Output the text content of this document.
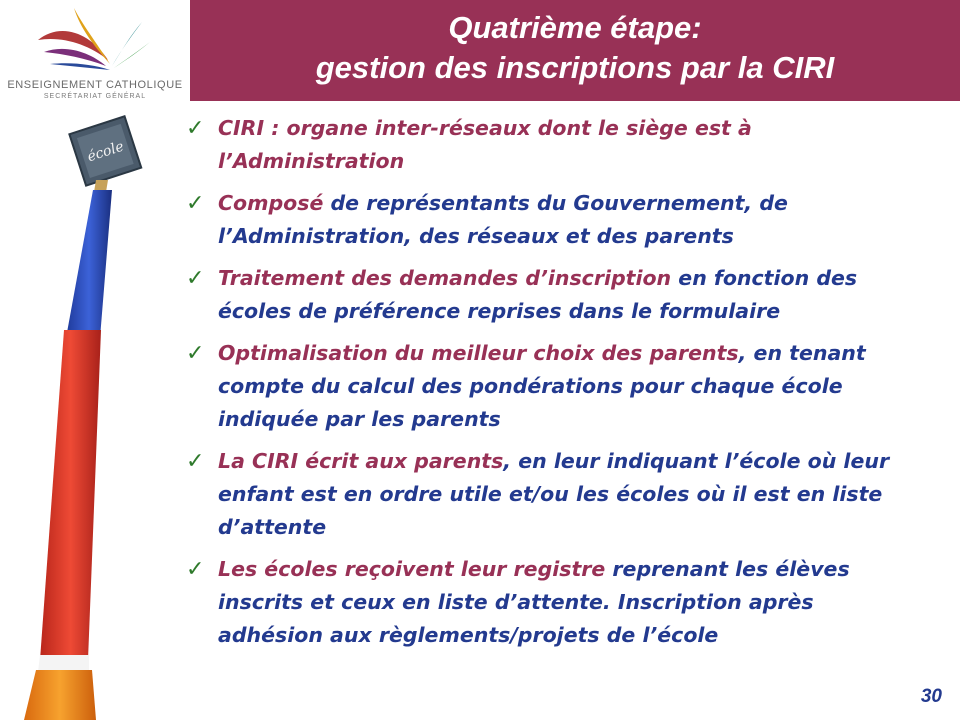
ENSEIGNEMENT CATHOLIQUE
SECRÉTARIAT GÉNÉRAL
Quatrième étape:
gestion des inscriptions par la CIRI
école
✓ CIRI : organe inter-réseaux dont le siège est à l’Administration
✓ Composé de représentants du Gouvernement, de l’Administration, des réseaux et des parents
✓ Traitement des demandes d’inscription en fonction des écoles de préférence reprises dans le formulaire
✓ Optimalisation du meilleur choix des parents, en tenant compte du calcul des pondérations pour chaque école indiquée par les parents
✓ La CIRI écrit aux parents, en leur indiquant l’école où leur enfant est en ordre utile et/ou les écoles où il est en liste d’attente
✓ Les écoles reçoivent leur registre reprenant les élèves inscrits et ceux en liste d’attente. Inscription après adhésion aux règlements/projets de l’école
30
